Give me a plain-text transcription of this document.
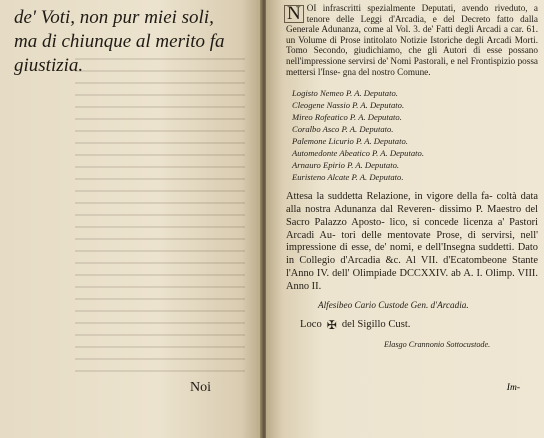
de' Voti, non pur miei soli,
ma di chiunque al merito fa
giustizia.
Noi

N OI infrascritti spezialmente Deputati, avendo riveduto, a tenore delle Leggi d'Arcadia, e del Decreto fatto dalla Generale Adunanza, come al Vol. 3. de' Fatti degli Arcadi a car. 61. un Volume di Prose intitolato Notizie Istoriche degli Arcadi Morti. Tomo Secondo, giudichiamo, che gli Autori di esse possano nell'impressione servirsi de' Nomi Pastorali, e nel Frontispizio possa mettersi l'Inse- gna del nostro Comune.

Logisto Nemeo P. A. Deputato.
Cleogene Nassio P. A. Deputato.
Mireo Rofeatico P. A. Deputato.
Coralbo Asco P. A. Deputato.
Palemone Licurio P. A. Deputato.
Automedonte Abeatico P. A. Deputato.
Arnauro Epirio P. A. Deputato.
Euristeno Alcate P. A. Deputato.

Attesa la suddetta Relazione, in vigore della fa- coltà data alla nostra Adunanza dal Reveren- dissimo P. Maestro del Sacro Palazzo Aposto- lico, si concede licenza a' Pastori Arcadi Au- tori delle mentovate Prose, di servirsi, nell' impressione di esse, de' nomi, e dell'Insegna suddetti. Dato in Collegio d'Arcadia &c. Al VII. d'Ecatombeone Stante l'Anno IV. dell' Olimpiade DCCXXIV. ab A. I. Olimp. VIII. Anno II.

Alfesibeo Cario Custode Gen. d'Arcadia.
Loco ✠ del Sigillo Cust.
Elasgo Crannonio Sottocustode.
Im-
